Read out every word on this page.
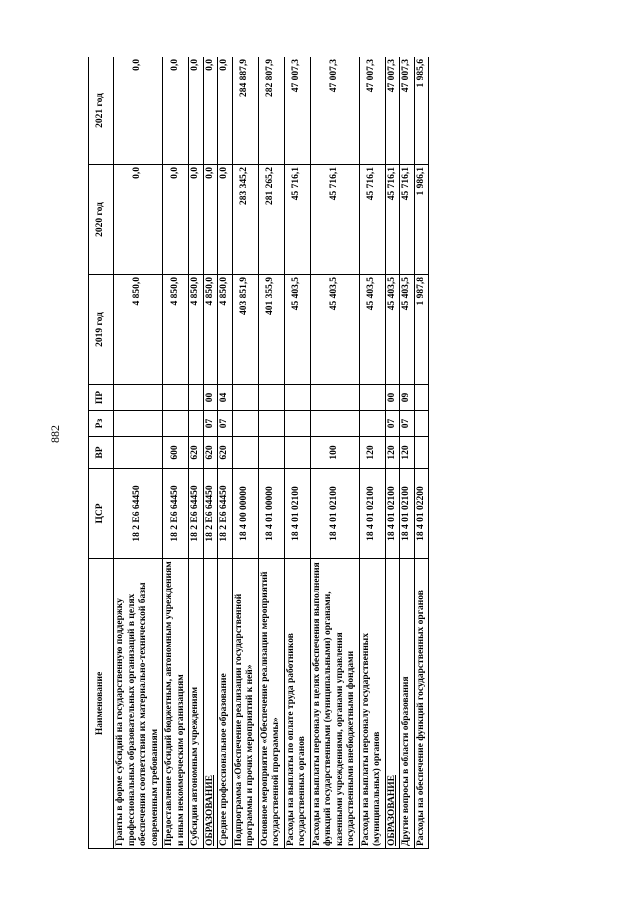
882
Наименование	ЦСР	ВР	Рз	ПР	2019 год	2020 год	2021 год
Гранты в форме субсидий на государственную поддержку профессиональных образовательных организаций в целях обеспечения соответствия их материально-технической базы современным требованиям	18 2 E6 64450				4 850,0	0,0	0,0
Предоставление субсидий бюджетным, автономным учреждениям и иным некоммерческим организациям	18 2 E6 64450	600			4 850,0	0,0	0,0
Субсидии автономным учреждениям	18 2 E6 64450	620			4 850,0	0,0	0,0
ОБРАЗОВАНИЕ	18 2 E6 64450	620	07	00	4 850,0	0,0	0,0
Среднее профессиональное образование	18 2 E6 64450	620	07	04	4 850,0	0,0	0,0
Подпрограмма «Обеспечение реализации государственной программы и прочих мероприятий к ней»	18 4 00 00000				403 851,9	283 345,2	284 887,9
Основное мероприятие «Обеспечение реализации мероприятий государственной программы»	18 4 01 00000				401 355,9	281 265,2	282 807,9
Расходы на выплаты по оплате труда работников государственных органов	18 4 01 02100				45 403,5	45 716,1	47 007,3
Расходы на выплаты персоналу в целях обеспечения выполнения функций государственными (муниципальными) органами, казенными учреждениями, органами управления государственными внебюджетными фондами	18 4 01 02100	100			45 403,5	45 716,1	47 007,3
Расходы на выплаты персоналу государственных (муниципальных) органов	18 4 01 02100	120			45 403,5	45 716,1	47 007,3
ОБРАЗОВАНИЕ	18 4 01 02100	120	07	00	45 403,5	45 716,1	47 007,3
Другие вопросы в области образования	18 4 01 02100	120	07	09	45 403,5	45 716,1	47 007,3
Расходы на обеспечение функций государственных органов	18 4 01 02200				1 987,8	1 986,1	1 985,6
